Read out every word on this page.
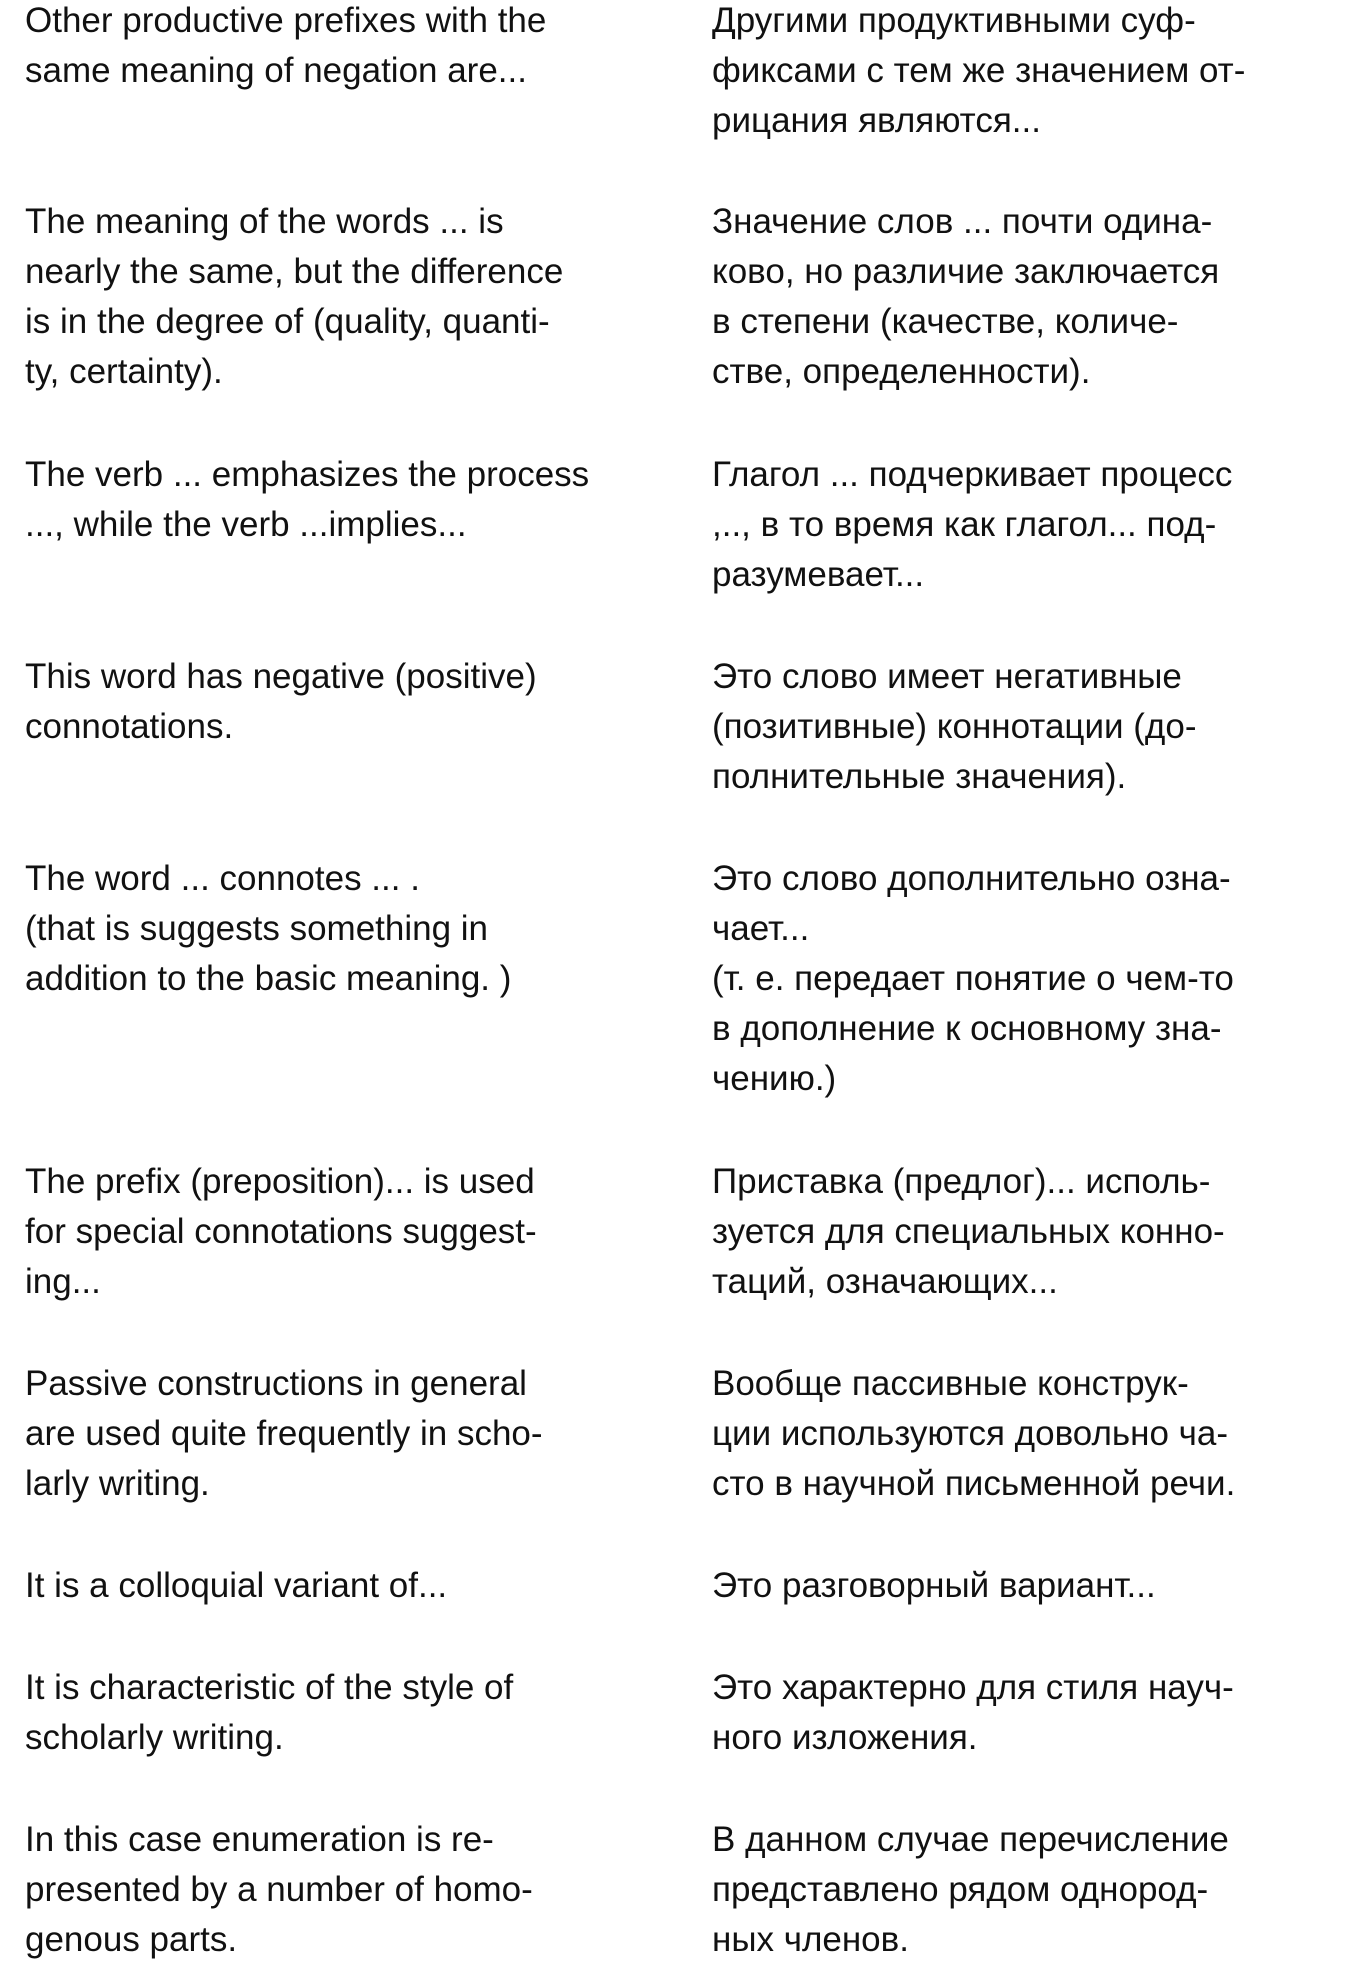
Other productive prefixes with the
same meaning of negation are...

Другими продуктивными суф-
фиксами с тем же значением от-
рицания являются...

The meaning of the words ... is
nearly the same, but the difference
is in the degree of (quality, quanti-
ty, certainty).

Значение слов ... почти одина-
ково, но различие заключается
в степени (качестве, количе-
стве, определенности).

The verb ... emphasizes the process
..., while the verb ...implies...

Глагол ... подчеркивает процесс
,.., в то время как глагол... под-
разумевает...

This word has negative (positive)
connotations.

Это слово имеет негативные
(позитивные) коннотации (до-
полнительные значения).

The word ... connotes ... .
(that is suggests something in
addition to the basic meaning. )

Это слово дополнительно озна-
чает...
(т. е. передает понятие о чем-то
в дополнение к основному зна-
чению.)

The prefix (preposition)... is used
for special connotations suggest-
ing...

Приставка (предлог)... исполь-
зуется для специальных конно-
таций, означающих...

Passive constructions in general
are used quite frequently in scho-
larly writing.

Вообще пассивные конструк-
ции используются довольно ча-
сто в научной письменной речи.

It is a colloquial variant of...	Это разговорный вариант...

It is characteristic of the style of
scholarly writing.

Это характерно для стиля науч-
ного изложения.

In this case enumeration is re-
presented by a number of homo-
genous parts.

В данном случае перечисление
представлено рядом однород-
ных членов.
